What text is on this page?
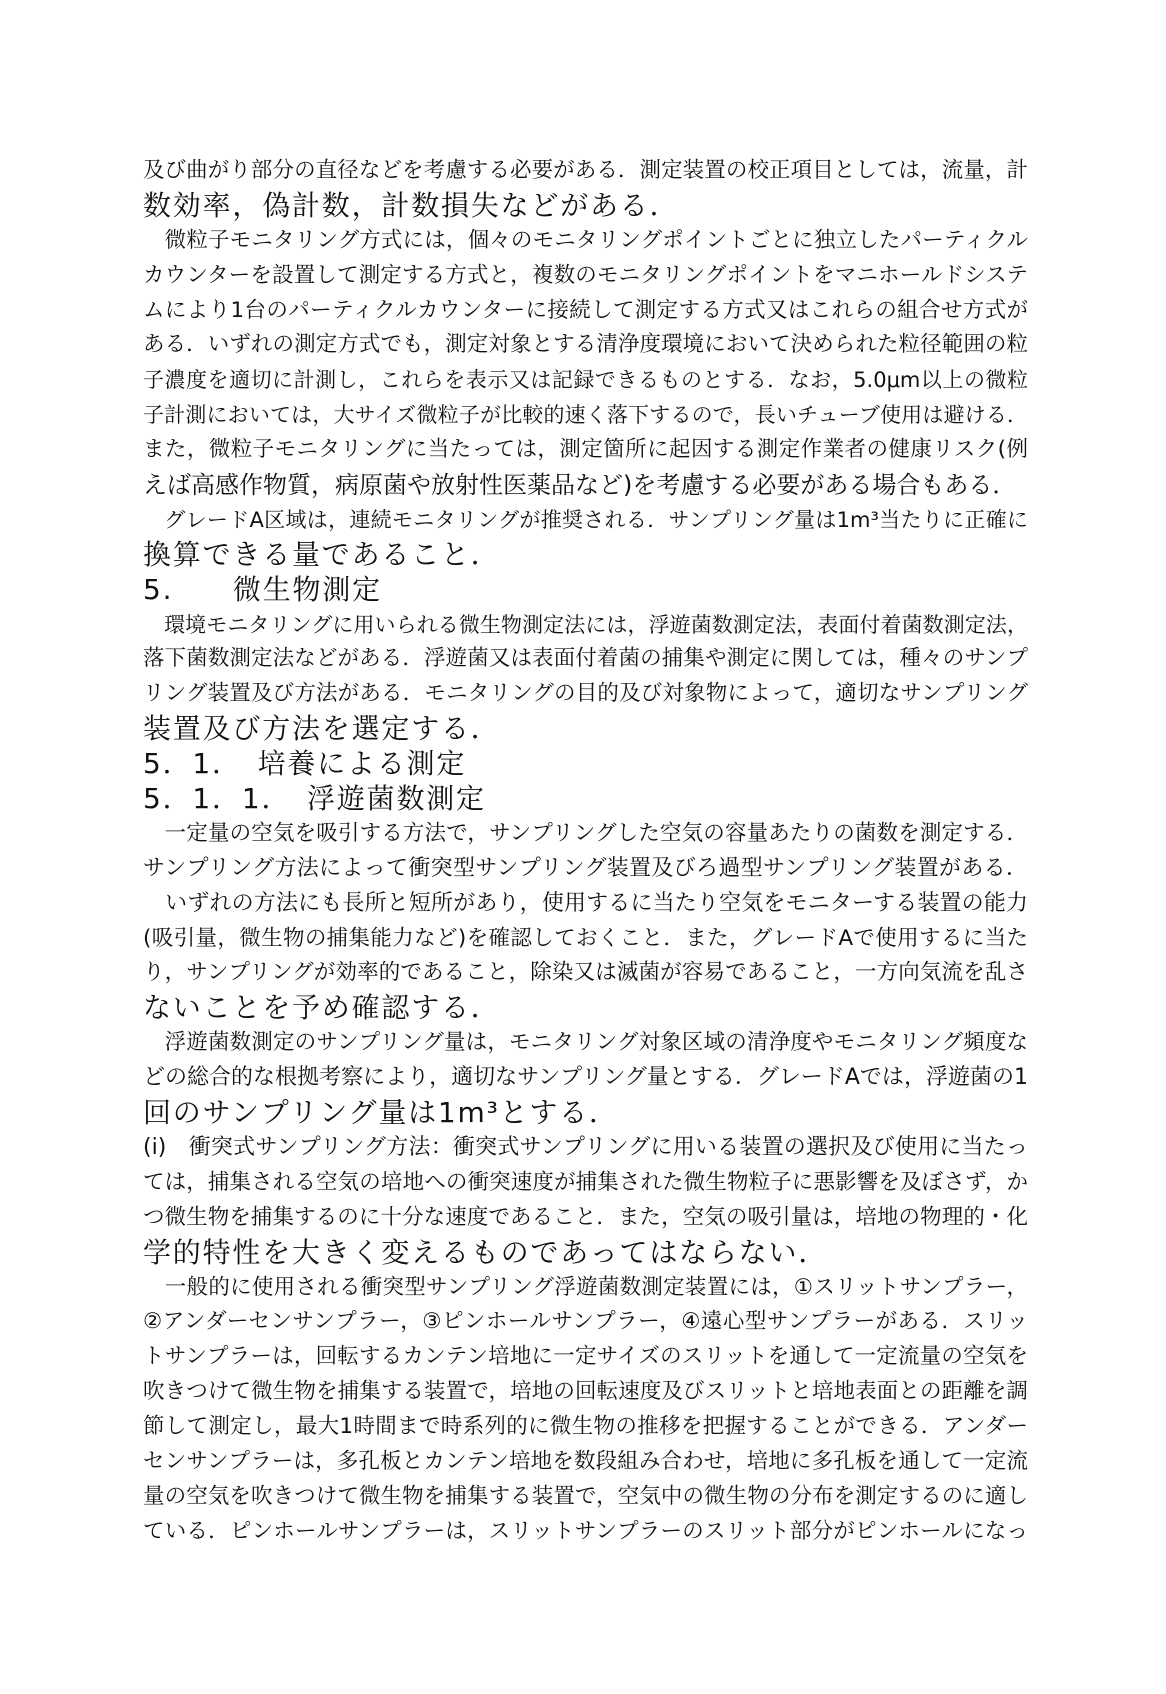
及び曲がり部分の直径などを考慮する必要がある．測定装置の校正項目としては，流量，計
数効率，偽計数，計数損失などがある．
　微粒子モニタリング方式には，個々のモニタリングポイントごとに独立したパーティクル
カウンターを設置して測定する方式と，複数のモニタリングポイントをマニホールドシステ
ムにより1台のパーティクルカウンターに接続して測定する方式又はこれらの組合せ方式が
ある．いずれの測定方式でも，測定対象とする清浄度環境において決められた粒径範囲の粒
子濃度を適切に計測し，これらを表示又は記録できるものとする．なお，5.0μm以上の微粒
子計測においては，大サイズ微粒子が比較的速く落下するので，長いチューブ使用は避ける．
また，微粒子モニタリングに当たっては，測定箇所に起因する測定作業者の健康リスク(例
えば高感作物質，病原菌や放射性医薬品など)を考慮する必要がある場合もある．
　グレードA区域は，連続モニタリングが推奨される．サンプリング量は1m³当たりに正確に
換算できる量であること．
5.　　微生物測定
　環境モニタリングに用いられる微生物測定法には，浮遊菌数測定法，表面付着菌数測定法，
落下菌数測定法などがある．浮遊菌又は表面付着菌の捕集や測定に関しては，種々のサンプ
リング装置及び方法がある．モニタリングの目的及び対象物によって，適切なサンプリング
装置及び方法を選定する．
5．1．　培養による測定
5．1．1．　浮遊菌数測定
　一定量の空気を吸引する方法で，サンプリングした空気の容量あたりの菌数を測定する．
サンプリング方法によって衝突型サンプリング装置及びろ過型サンプリング装置がある．
　いずれの方法にも長所と短所があり，使用するに当たり空気をモニターする装置の能力
(吸引量，微生物の捕集能力など)を確認しておくこと．また，グレードAで使用するに当た
り，サンプリングが効率的であること，除染又は滅菌が容易であること，一方向気流を乱さ
ないことを予め確認する．
　浮遊菌数測定のサンプリング量は，モニタリング対象区域の清浄度やモニタリング頻度な
どの総合的な根拠考察により，適切なサンプリング量とする．グレードAでは，浮遊菌の1
回のサンプリング量は1m³とする．
(i)　衝突式サンプリング方法：衝突式サンプリングに用いる装置の選択及び使用に当たっ
ては，捕集される空気の培地への衝突速度が捕集された微生物粒子に悪影響を及ぼさず，か
つ微生物を捕集するのに十分な速度であること．また，空気の吸引量は，培地の物理的・化
学的特性を大きく変えるものであってはならない．
　一般的に使用される衝突型サンプリング浮遊菌数測定装置には，①スリットサンプラー，
②アンダーセンサンプラー，③ピンホールサンプラー，④遠心型サンプラーがある．スリッ
トサンプラーは，回転するカンテン培地に一定サイズのスリットを通して一定流量の空気を
吹きつけて微生物を捕集する装置で，培地の回転速度及びスリットと培地表面との距離を調
節して測定し，最大1時間まで時系列的に微生物の推移を把握することができる．アンダー
センサンプラーは，多孔板とカンテン培地を数段組み合わせ，培地に多孔板を通して一定流
量の空気を吹きつけて微生物を捕集する装置で，空気中の微生物の分布を測定するのに適し
ている．ピンホールサンプラーは，スリットサンプラーのスリット部分がピンホールになっ
